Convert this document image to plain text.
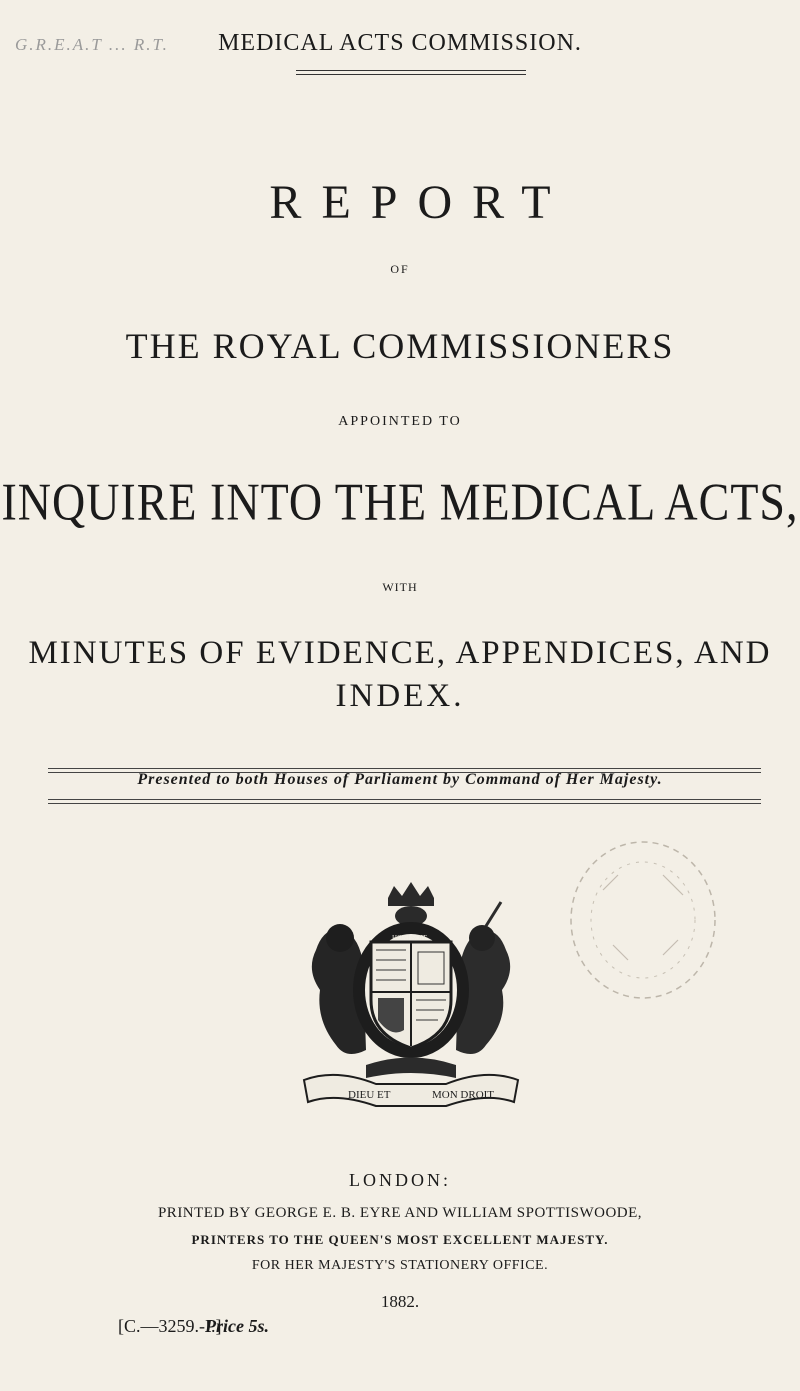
G.R.E.A.T ... R.T.	MEDICAL ACTS COMMISSION.
REPORT
OF
THE ROYAL COMMISSIONERS
APPOINTED TO
INQUIRE INTO THE MEDICAL ACTS,
WITH
MINUTES OF EVIDENCE, APPENDICES, AND
INDEX.
Presented to both Houses of Parliament by Command of Her Majesty.
DIEU ET	MON DROIT
HONI SOIT
LONDON:
PRINTED BY GEORGE E. B. EYRE AND WILLIAM SPOTTISWOODE,
PRINTERS TO THE QUEEN'S MOST EXCELLENT MAJESTY.
FOR HER MAJESTY'S STATIONERY OFFICE.
1882.
[C.—3259.-I.]
Price 5s.
